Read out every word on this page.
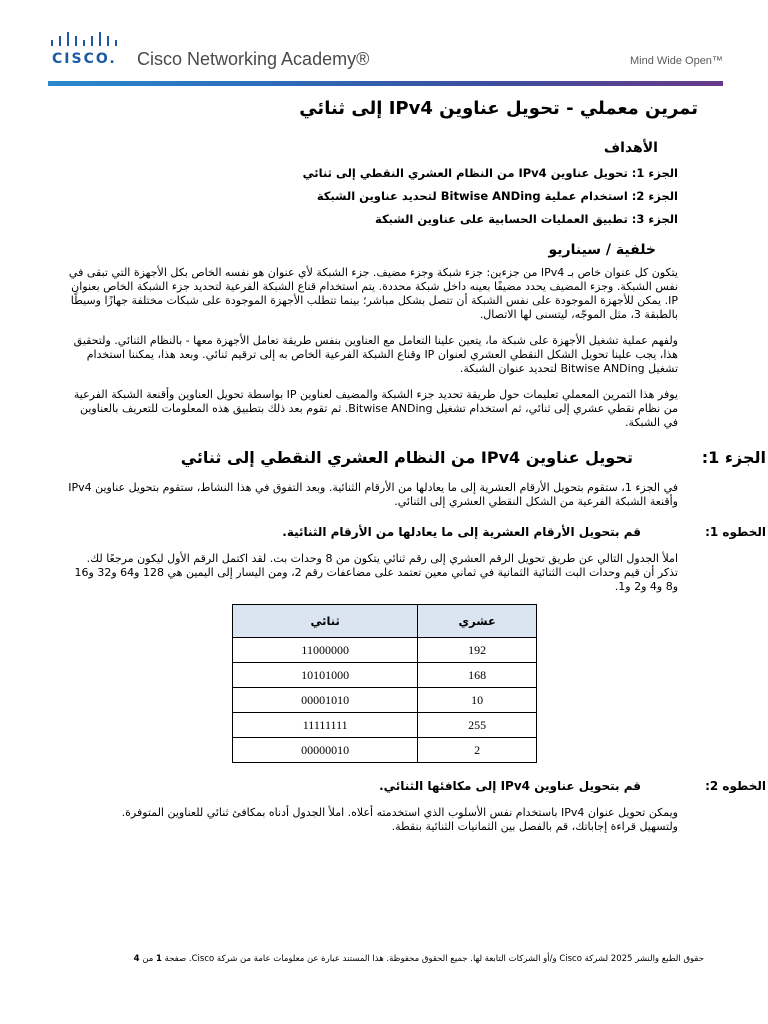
CISCO. Cisco Networking Academy®	Mind Wide Open™
تمرين معملي - تحويل عناوين IPv4 إلى ثنائي
الأهداف
الجزء 1: تحويل عناوين IPv4 من النظام العشري النقطي إلى ثنائي
الجزء 2: استخدام عملية Bitwise ANDing لتحديد عناوين الشبكة
الجزء 3: تطبيق العمليات الحسابية على عناوين الشبكة
خلفية / سيناريو
يتكون كل عنوان خاص بـ IPv4 من جزءين: جزء شبكة وجزء مضيف. جزء الشبكة لأي عنوان هو نفسه الخاص بكل الأجهزة التي تبقى في نفس الشبكة. وجزء المضيف يحدد مضيفًا بعينه داخل شبكة محددة. يتم استخدام قناع الشبكة الفرعية لتحديد جزء الشبكة الخاص بعنوان IP. يمكن للأجهزة الموجودة على نفس الشبكة أن تتصل بشكل مباشر؛ بينما تتطلب الأجهزة الموجودة على شبكات مختلفة جهازًا وسيطًا بالطبقة 3، مثل الموجّه، ليتسنى لها الاتصال.
ولفهم عملية تشغيل الأجهزة على شبكة ما، يتعين علينا التعامل مع العناوين بنفس طريقة تعامل الأجهزة معها - بالنظام الثنائي. ولتحقيق هذا، يجب علينا تحويل الشكل النقطي العشري لعنوان IP وقناع الشبكة الفرعية الخاص به إلى ترقيم ثنائي. وبعد هذا، يمكننا استخدام تشغيل Bitwise ANDing لتحديد عنوان الشبكة.
يوفر هذا التمرين المعملي تعليمات حول طريقة تحديد جزء الشبكة والمضيف لعناوين IP بواسطة تحويل العناوين وأقنعة الشبكة الفرعية من نظام نقطي عشري إلى ثنائي، ثم استخدام تشغيل Bitwise ANDing. ثم تقوم بعد ذلك بتطبيق هذه المعلومات للتعريف بالعناوين في الشبكة.
الجزء 1:
تحويل عناوين IPv4 من النظام العشري النقطي إلى ثنائي
في الجزء 1، ستقوم بتحويل الأرقام العشرية إلى ما يعادلها من الأرقام الثنائية. وبعد التفوق في هذا النشاط، ستقوم بتحويل عناوين IPv4 وأقنعة الشبكة الفرعية من الشكل النقطي العشري إلى الثنائي.
الخطوه 1:
قم بتحويل الأرقام العشرية إلى ما يعادلها من الأرقام الثنائية.
املأ الجدول التالي عن طريق تحويل الرقم العشري إلى رقم ثنائي يتكون من 8 وحدات بت. لقد اكتمل الرقم الأول ليكون مرجعًا لك. تذكر أن قيم وحدات البت الثنائية الثمانية في ثماني معين تعتمد على مضاعفات رقم 2، ومن اليسار إلى اليمين هي 128 و64 و32 و16 و8 و4 و2 و1.
ثنائي	عشري
11000000	192
10101000	168
00001010	10
11111111	255
00000010	2
الخطوه 2:
قم بتحويل عناوين IPv4 إلى مكافئها الثنائي.
ويمكن تحويل عنوان IPv4 باستخدام نفس الأسلوب الذي استخدمته أعلاه. املأ الجدول أدناه بمكافئ ثنائي للعناوين المتوفرة. ولتسهيل قراءة إجاباتك، قم بالفصل بين الثمانيات الثنائية بنقطة.
حقوق الطبع والنشر 2025 لشركة Cisco و/أو الشركات التابعة لها. جميع الحقوق محفوظة. هذا المستند عبارة عن معلومات عامة من شركة Cisco. صفحة 1 من 4
